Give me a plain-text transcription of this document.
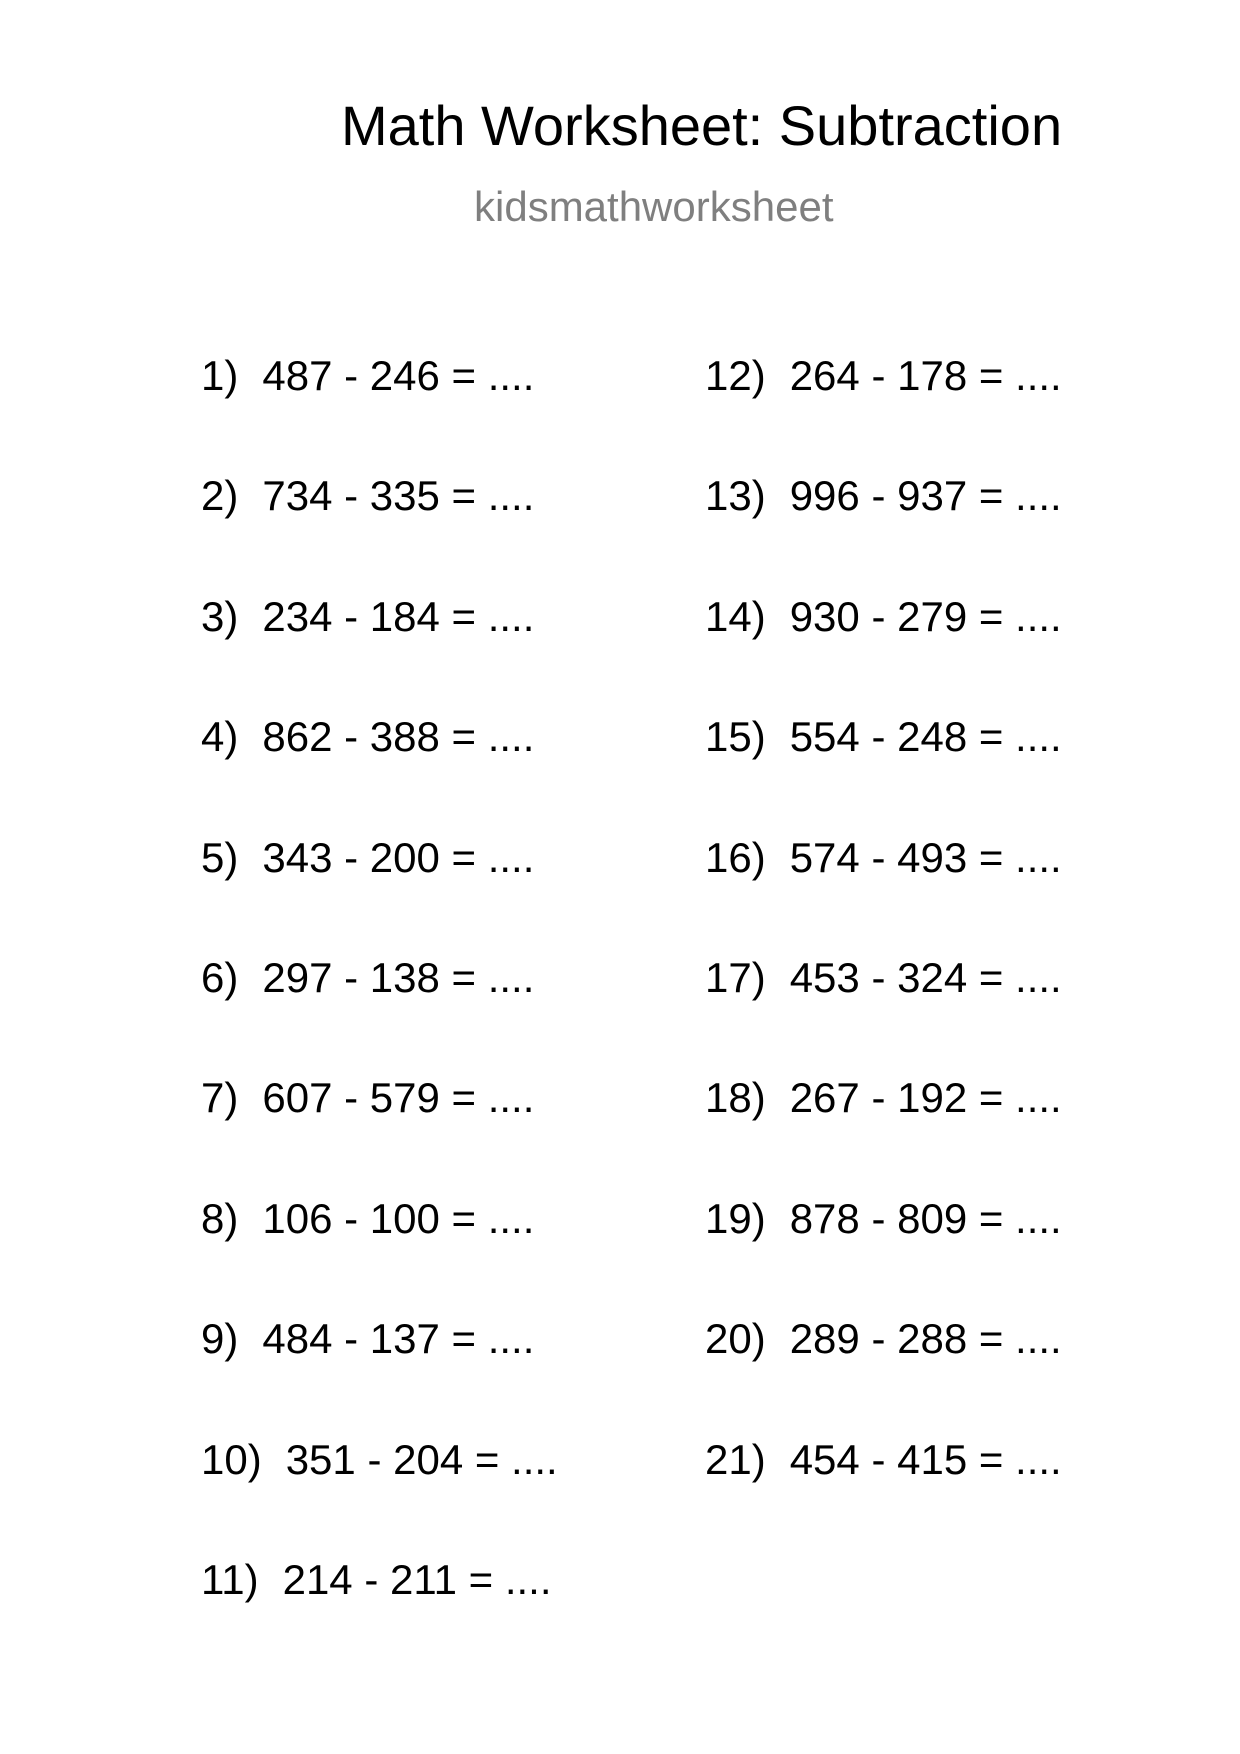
Math Worksheet: Subtraction
kidsmathworksheet
1) 487 - 246 = ....
2) 734 - 335 = ....
3) 234 - 184 = ....
4) 862 - 388 = ....
5) 343 - 200 = ....
6) 297 - 138 = ....
7) 607 - 579 = ....
8) 106 - 100 = ....
9) 484 - 137 = ....
10) 351 - 204 = ....
11) 214 - 211 = ....
12) 264 - 178 = ....
13) 996 - 937 = ....
14) 930 - 279 = ....
15) 554 - 248 = ....
16) 574 - 493 = ....
17) 453 - 324 = ....
18) 267 - 192 = ....
19) 878 - 809 = ....
20) 289 - 288 = ....
21) 454 - 415 = ....
